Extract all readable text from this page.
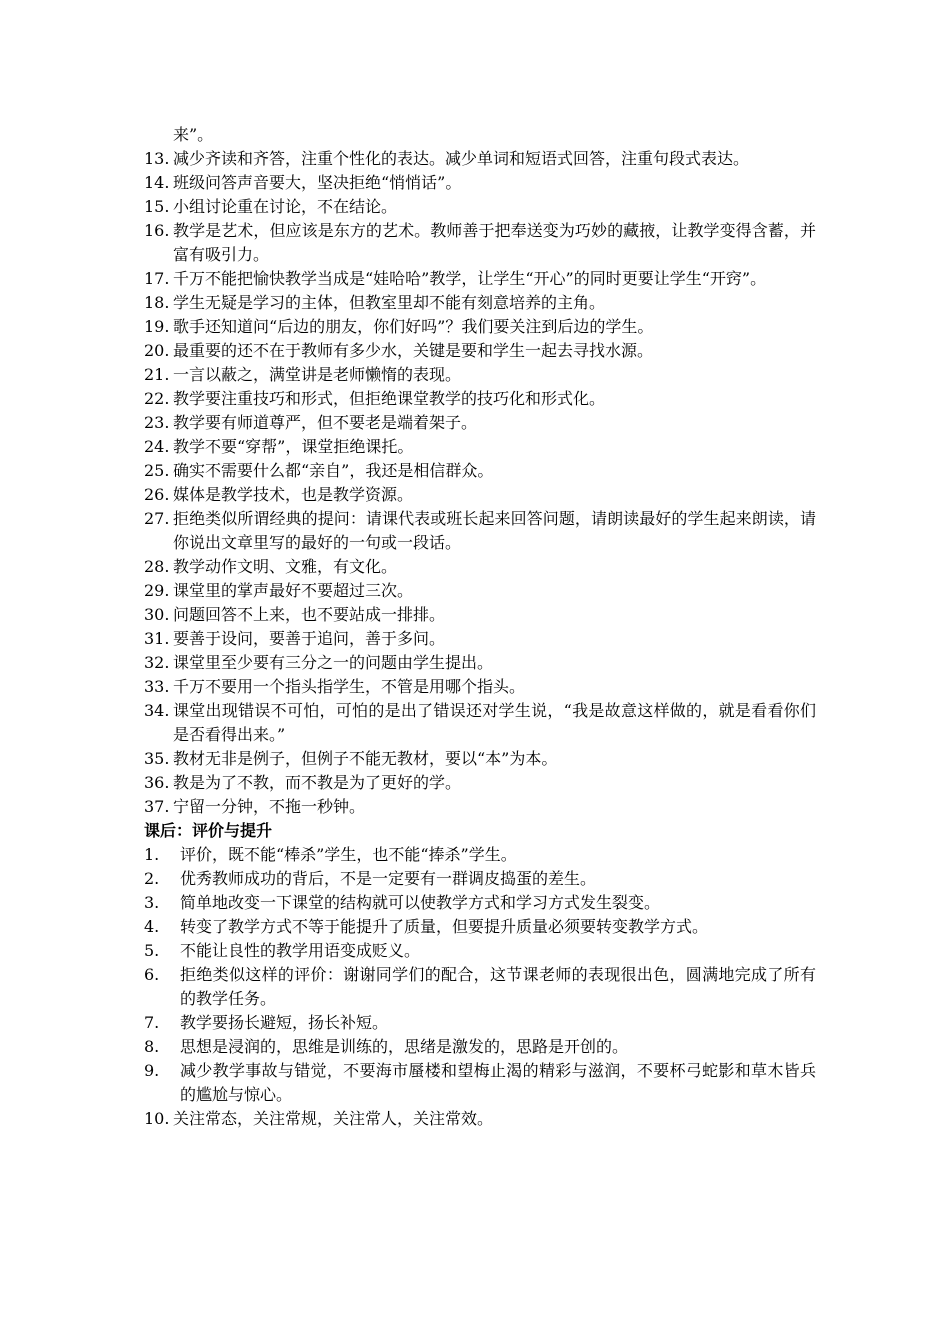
来”。
13. 减少齐读和齐答，注重个性化的表达。减少单词和短语式回答，注重句段式表达。
14. 班级问答声音要大，坚决拒绝“悄悄话”。
15. 小组讨论重在讨论，不在结论。
16. 教学是艺术，但应该是东方的艺术。教师善于把奉送变为巧妙的藏掖，让教学变得含蓄，并富有吸引力。
17. 千万不能把愉快教学当成是“娃哈哈”教学，让学生“开心”的同时更要让学生“开窍”。
18. 学生无疑是学习的主体，但教室里却不能有刻意培养的主角。
19. 歌手还知道问“后边的朋友，你们好吗”？我们要关注到后边的学生。
20. 最重要的还不在于教师有多少水，关键是要和学生一起去寻找水源。
21. 一言以蔽之，满堂讲是老师懒惰的表现。
22. 教学要注重技巧和形式，但拒绝课堂教学的技巧化和形式化。
23. 教学要有师道尊严，但不要老是端着架子。
24. 教学不要“穿帮”，课堂拒绝课托。
25. 确实不需要什么都“亲自”，我还是相信群众。
26. 媒体是教学技术，也是教学资源。
27. 拒绝类似所谓经典的提问：请课代表或班长起来回答问题，请朗读最好的学生起来朗读，请你说出文章里写的最好的一句或一段话。
28. 教学动作文明、文雅，有文化。
29. 课堂里的掌声最好不要超过三次。
30. 问题回答不上来，也不要站成一排排。
31. 要善于设问，要善于追问，善于多问。
32. 课堂里至少要有三分之一的问题由学生提出。
33. 千万不要用一个指头指学生，不管是用哪个指头。
34. 课堂出现错误不可怕，可怕的是出了错误还对学生说，“我是故意这样做的，就是看看你们是否看得出来。”
35. 教材无非是例子，但例子不能无教材，要以“本”为本。
36. 教是为了不教，而不教是为了更好的学。
37. 宁留一分钟，不拖一秒钟。
课后：评价与提升
1.	评价，既不能“棒杀”学生，也不能“捧杀”学生。
2.	优秀教师成功的背后，不是一定要有一群调皮捣蛋的差生。
3.	简单地改变一下课堂的结构就可以使教学方式和学习方式发生裂变。
4.	转变了教学方式不等于能提升了质量，但要提升质量必须要转变教学方式。
5.	不能让良性的教学用语变成贬义。
6.	拒绝类似这样的评价：谢谢同学们的配合，这节课老师的表现很出色，圆满地完成了所有的教学任务。
7.	教学要扬长避短，扬长补短。
8.	思想是浸润的，思维是训练的，思绪是激发的，思路是开创的。
9.	减少教学事故与错觉，不要海市蜃楼和望梅止渴的精彩与滋润，不要杯弓蛇影和草木皆兵的尴尬与惊心。
10. 关注常态，关注常规，关注常人，关注常效。
